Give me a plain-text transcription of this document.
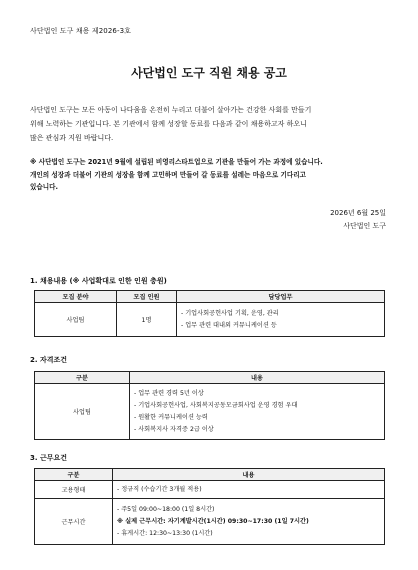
사단법인 도구 채용 제2026-3호
사단법인 도구 직원 채용 공고
사단법인 도구는 모든 아동이 나다움을 온전히 누리고 더불어 살아가는 건강한 사회를 만들기
위해 노력하는 기관입니다. 본 기관에서 함께 성장할 동료를 다음과 같이 채용하고자 하오니
많은 관심과 지원 바랍니다.
※ 사단법인 도구는 2021년 9월에 설립된 비영리스타트업으로 기관을 만들어 가는 과정에 있습니다.
개인의 성장과 더불어 기관의 성장을 함께 고민하며 만들어 갈 동료를 설레는 마음으로 기다리고
있습니다.
2026년 6월 25일
사단법인 도구
1. 채용내용 (※ 사업확대로 인한 인원 충원)
모집 분야	모집 인원	담당업무
사업팀	1명	- 기업사회공헌사업 기획, 운영, 관리
- 업무 관련 대내외 커뮤니케이션 등
2. 자격조건
구분	내용
사업팀	- 업무 관련 경력 5년 이상
- 기업사회공헌사업, 사회복지공동모금회사업 운영 경험 우대
- 원활한 커뮤니케이션 능력
- 사회복지사 자격증 2급 이상
3. 근무요건
구분	내용
고용형태	- 정규직 (수습기간 3개월 적용)
근무시간	- 주5일 09:00~18:00 (1일 8시간)
※ 실제 근무시간: 자기계발시간(1시간) 09:30~17:30 (1일 7시간)
- 휴게시간: 12:30~13:30 (1시간)
